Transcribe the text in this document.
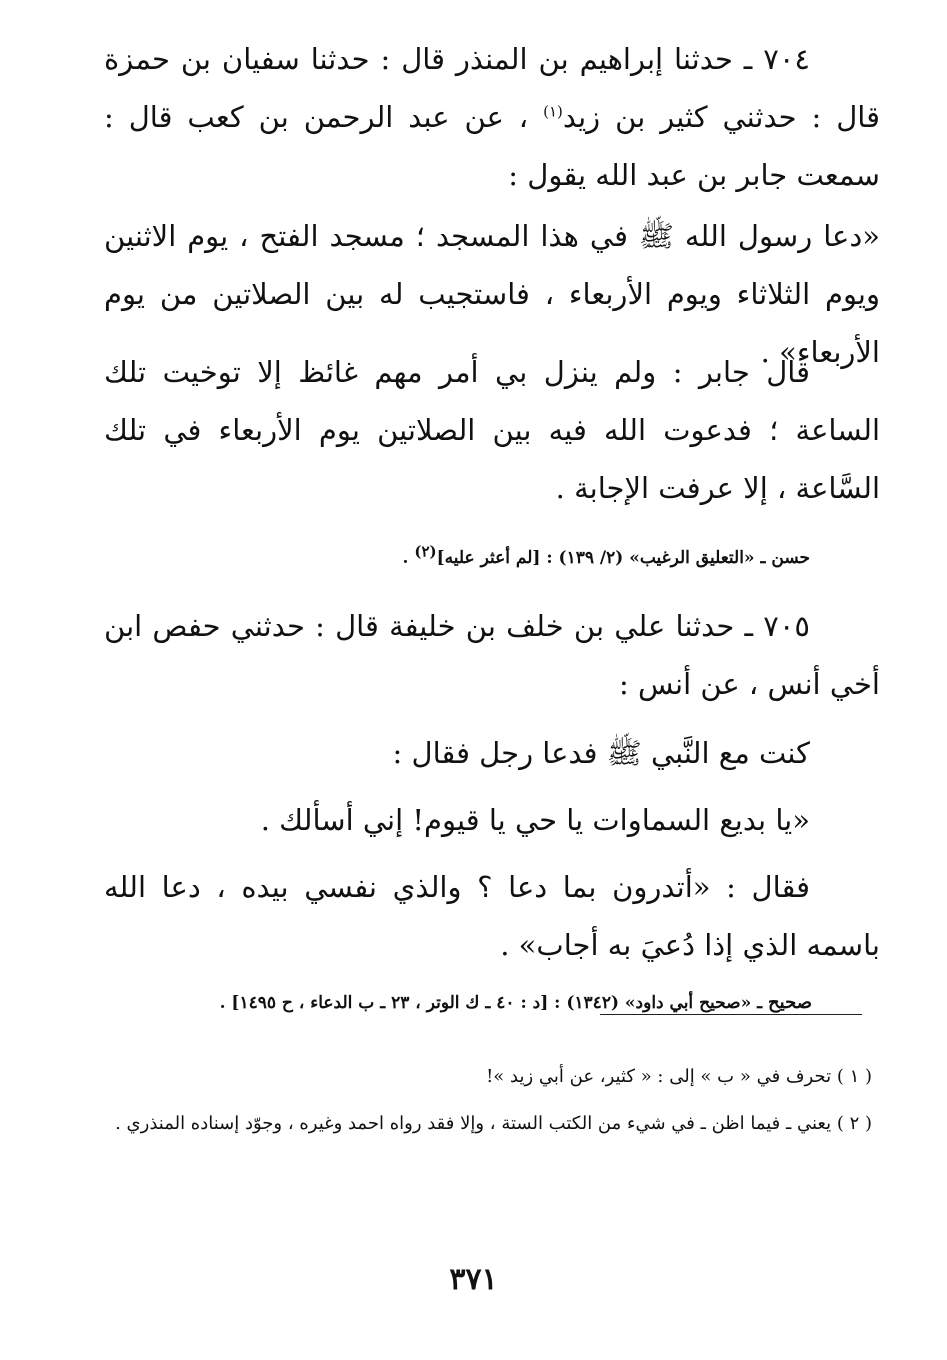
٧٠٤ ـ حدثنا إبراهيم بن المنذر قال : حدثنا سفيان بن حمزة قال : حدثني كثير بن زيد$^{(١)}$ ، عن عبد الرحمن بن كعب قال : سمعت جابر بن عبد الله يقول :

«دعا رسول الله ﷺ في هذا المسجد ؛ مسجد الفتح ، يوم الاثنين ويوم الثلاثاء ويوم الأربعاء ، فاستجيب له بين الصلاتين من يوم الأربعاء» .

قال جابر : ولم ينزل بي أمر مهم غائظ إلا توخيت تلك الساعة ؛ فدعوت الله فيه بين الصلاتين يوم الأربعاء في تلك السَّاعة ، إلا عرفت الإجابة .

حسن ـ «التعليق الرغيب» (٢/ ١٣٩) : [لم أعثر عليه](٢) .

٧٠٥ ـ حدثنا علي بن خلف بن خليفة قال : حدثني حفص ابن أخي أنس ، عن أنس :

كنت مع النَّبي ﷺ فدعا رجل فقال :

«يا بديع السماوات يا حي يا قيوم! إني أسألك .

فقال : «أتدرون بما دعا ؟ والذي نفسي بيده ، دعا الله باسمه الذي إذا دُعيَ به أجاب» .

صحيح ـ «صحيح أبي داود» (١٣٤٢) : [د : ٤٠ ـ ك الوتر ، ٢٣ ـ ب الدعاء ، ح ١٤٩٥] .

( ١ ) تحرف في « ب » إلى : « كثير، عن أبي زيد »!

( ٢ ) يعني ـ فيما اظن ـ في شيء من الكتب الستة ، وإلا فقد رواه احمد وغيره ، وجوّد إسناده المنذري .

٣٧١
